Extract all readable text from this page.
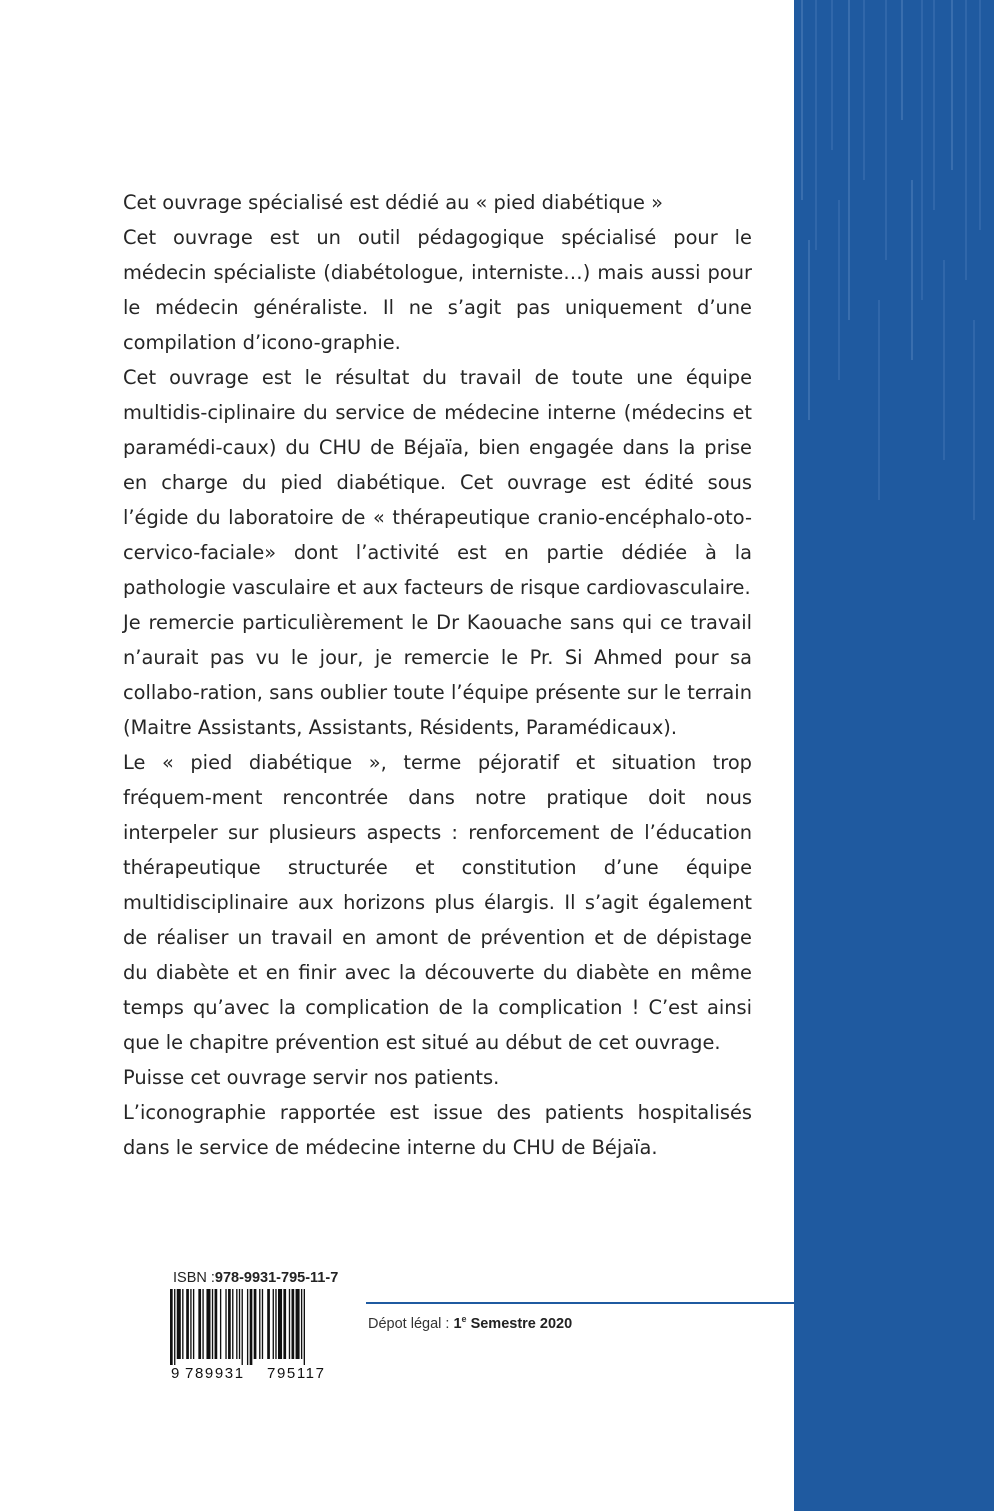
Cet ouvrage spécialisé est dédié au « pied diabétique »

Cet ouvrage est un outil pédagogique spécialisé pour le médecin spécialiste (diabétologue, interniste…) mais aussi pour le médecin généraliste. Il ne s’agit pas uniquement d’une compilation d’icono-graphie.

Cet ouvrage est le résultat du travail de toute une équipe multidis-ciplinaire du service de médecine interne (médecins et paramédi-caux) du CHU de Béjaïa, bien engagée dans la prise en charge du pied diabétique. Cet ouvrage est édité sous l’égide du laboratoire de « thérapeutique cranio-encéphalo-oto-cervico-faciale» dont l’activité est en partie dédiée à la pathologie vasculaire et aux facteurs de risque cardiovasculaire.

Je remercie particulièrement le Dr Kaouache sans qui ce travail n’aurait pas vu le jour, je remercie le Pr. Si Ahmed pour sa collabo-ration, sans oublier toute l’équipe présente sur le terrain (Maitre Assistants, Assistants, Résidents, Paramédicaux).

Le « pied diabétique », terme péjoratif et situation trop fréquem-ment rencontrée dans notre pratique doit nous interpeler sur plusieurs aspects : renforcement de l’éducation thérapeutique structurée et constitution d’une équipe multidisciplinaire aux horizons plus élargis. Il s’agit également de réaliser un travail en amont de prévention et de dépistage du diabète et en finir avec la découverte du diabète en même temps qu’avec la complication de la complication ! C’est ainsi que le chapitre prévention est situé au début de cet ouvrage.

Puisse cet ouvrage servir nos patients.

L’iconographie rapportée est issue des patients hospitalisés dans le service de médecine interne du CHU de Béjaïa.

ISBN :978-9931-795-11-7
9 789931 795117
Dépot légal : 1e Semestre 2020
